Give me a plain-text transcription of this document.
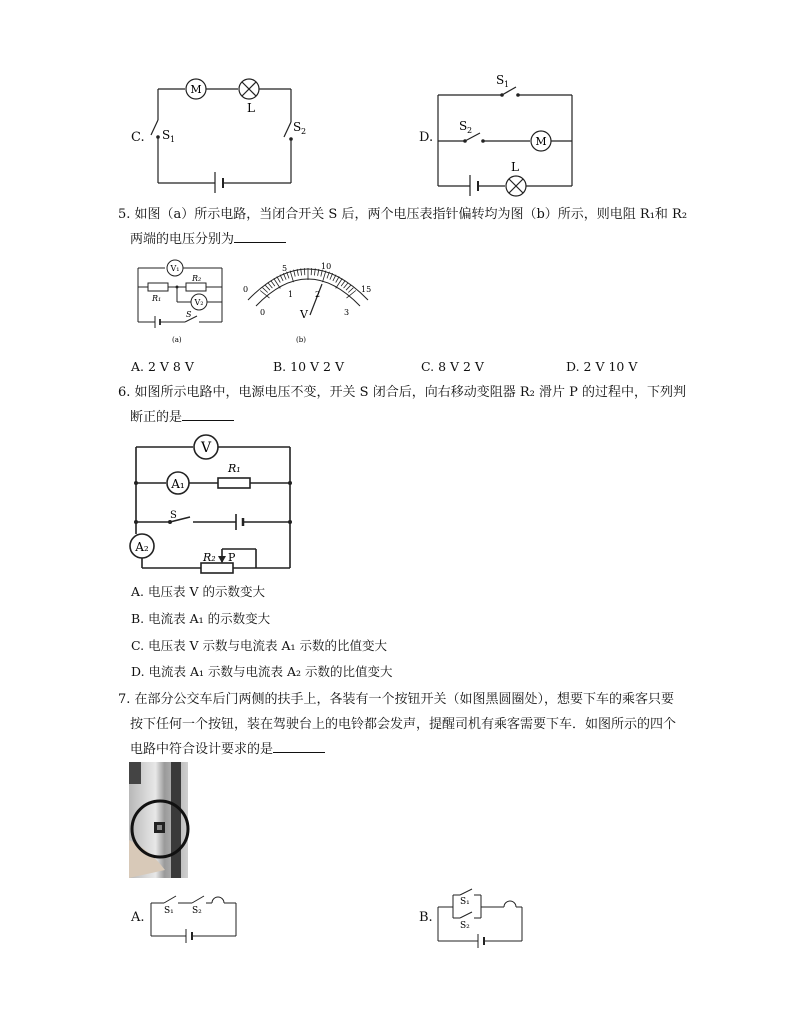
C.
M
L
S 1
S 2
S 1
S 2
M
L
D.
5. 如图（a）所示电路，当闭合开关 S 后，两个电压表指针偏转均为图（b）所示，则电阻 R₁和 R₂
两端的电压分别为
V₁
V₂
R₁
R₂
S
(a)
0
5	10
15
0
1	2
3
V
(b)
A. 2 V 8 V	B. 10 V 2 V	C. 8 V 2 V	D. 2 V 10 V
6. 如图所示电路中，电源电压不变，开关 S 闭合后，向右移动变阻器 R₂ 滑片 P 的过程中，下列判
断正的是
V
A₁
A₂
R₁
R₂ P
S
A. 电压表 V 的示数变大
B. 电流表 A₁ 的示数变大
C. 电压表 V 示数与电流表 A₁ 示数的比值变大
D. 电流表 A₁ 示数与电流表 A₂ 示数的比值变大
7. 在部分公交车后门两侧的扶手上，各装有一个按钮开关（如图黑圆圈处），想要下车的乘客只要
按下任何一个按钮，装在驾驶台上的电铃都会发声，提醒司机有乘客需要下车．如图所示的四个
电路中符合设计要求的是
A. S₁ S₂	B.
S₁
S₂
